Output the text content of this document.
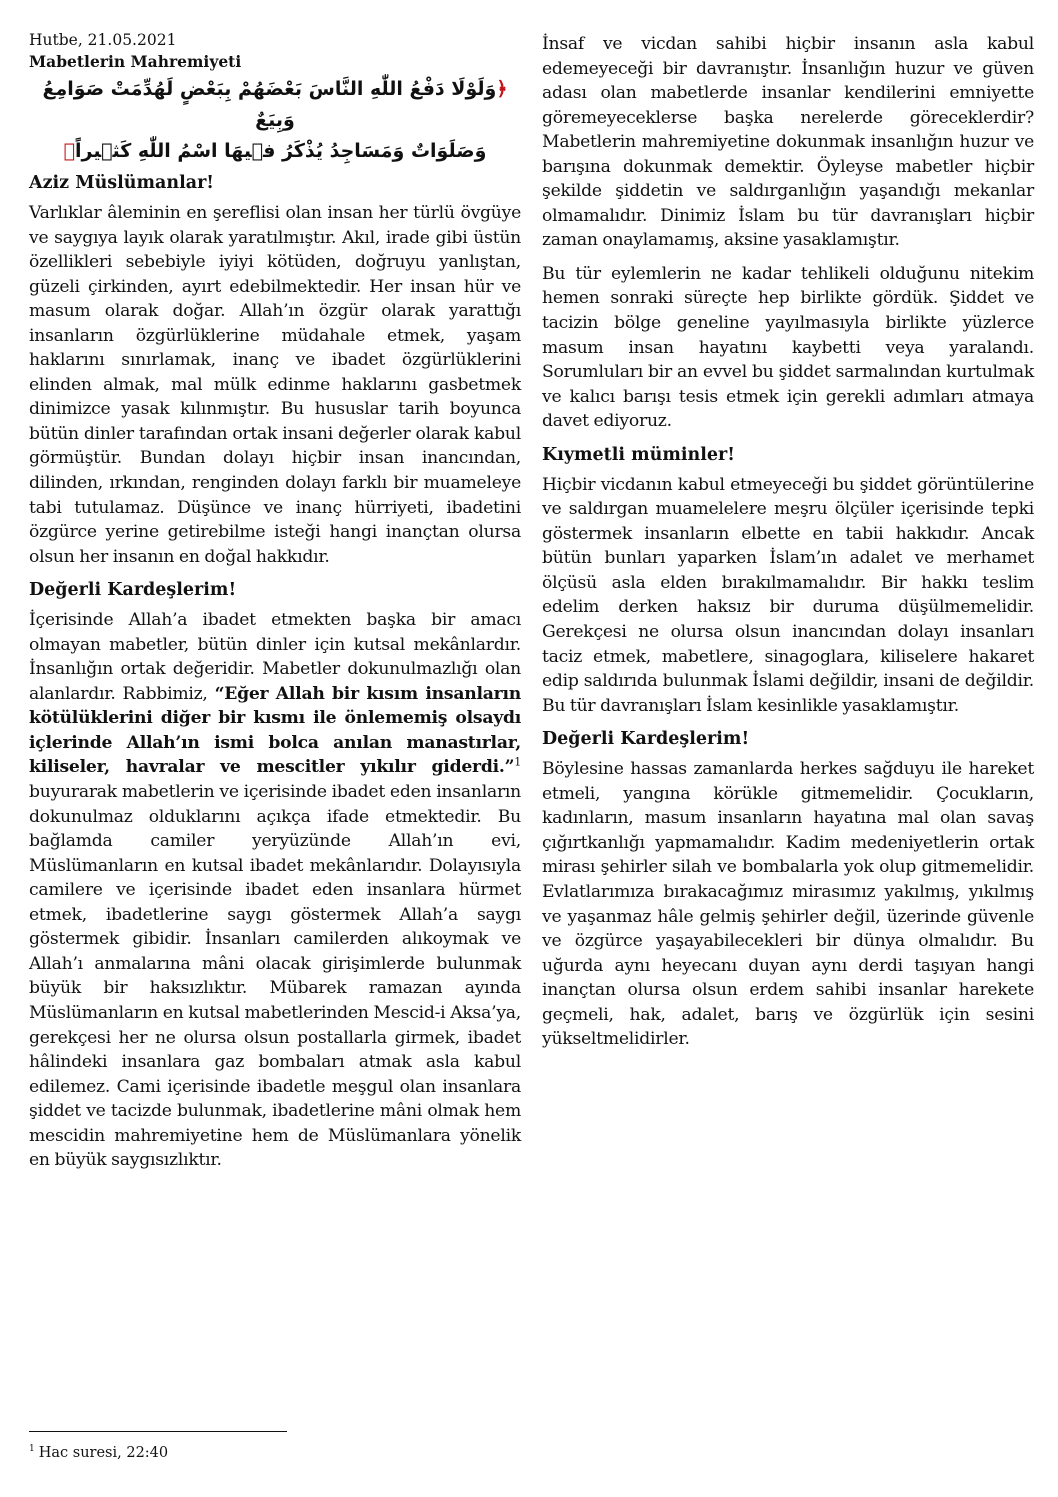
Hutbe, 21.05.2021

Mabetlerin Mahremiyeti

﴿وَلَوْلَا دَفْعُ اللّٰهِ النَّاسَ بَعْضَهُمْ بِبَعْضٍ لَهُدِّمَتْ صَوَامِعُ وَبِيَعٌ
وَصَلَوَاتٌ وَمَسَاجِدُ يُذْكَرُ ف۪يهَا اسْمُ اللّٰهِ كَث۪يراً﴾
Aziz Müslümanlar!

Varlıklar âleminin en şereflisi olan insan her türlü övgüye ve saygıya layık olarak yaratılmıştır. Akıl, irade gibi üstün özellikleri sebebiyle iyiyi kötüden, doğruyu yanlıştan, güzeli çirkinden, ayırt edebilmektedir. Her insan hür ve masum olarak doğar. Allah’ın özgür olarak yarattığı insanların özgürlüklerine müdahale etmek, yaşam haklarını sınırlamak, inanç ve ibadet özgürlüklerini elinden almak, mal mülk edinme haklarını gasbetmek dinimizce yasak kılınmıştır. Bu hususlar tarih boyunca bütün dinler tarafından ortak insani değerler olarak kabul görmüştür. Bundan dolayı hiçbir insan inancından, dilinden, ırkından, renginden dolayı farklı bir muameleye tabi tutulamaz. Düşünce ve inanç hürriyeti, ibadetini özgürce yerine getirebilme isteği hangi inançtan olursa olsun her insanın en doğal hakkıdır.

Değerli Kardeşlerim!

İçerisinde Allah’a ibadet etmekten başka bir amacı olmayan mabetler, bütün dinler için kutsal mekânlardır. İnsanlığın ortak değeridir. Mabetler dokunulmazlığı olan alanlardır. Rabbimiz, “Eğer Allah bir kısım insanların kötülüklerini diğer bir kısmı ile önlememiş olsaydı içlerinde Allah’ın ismi bolca anılan manastırlar, kiliseler, havralar ve mescitler yıkılır giderdi.”$^1$ buyurarak mabetlerin ve içerisinde ibadet eden insanların dokunulmaz olduklarını açıkça ifade etmektedir. Bu bağlamda camiler yeryüzünde Allah’ın evi, Müslümanların en kutsal ibadet mekânlarıdır. Dolayısıyla camilere ve içerisinde ibadet eden insanlara hürmet etmek, ibadetlerine saygı göstermek Allah’a saygı göstermek gibidir. İnsanları camilerden alıkoymak ve Allah’ı anmalarına mâni olacak girişimlerde bulunmak büyük bir haksızlıktır. Mübarek ramazan ayında Müslümanların en kutsal mabetlerinden Mescid-i Aksa’ya, gerekçesi her ne olursa olsun postallarla girmek, ibadet hâlindeki insanlara gaz bombaları atmak asla kabul edilemez. Cami içerisinde ibadetle meşgul olan insanlara şiddet ve tacizde bulunmak, ibadetlerine mâni olmak hem mescidin mahremiyetine hem de Müslümanlara yönelik en büyük saygısızlıktır.

İnsaf ve vicdan sahibi hiçbir insanın asla kabul edemeyeceği bir davranıştır. İnsanlığın huzur ve güven adası olan mabetlerde insanlar kendilerini emniyette göremeyeceklerse başka nerelerde göreceklerdir? Mabetlerin mahremiyetine dokunmak insanlığın huzur ve barışına dokunmak demektir. Öyleyse mabetler hiçbir şekilde şiddetin ve saldırganlığın yaşandığı mekanlar olmamalıdır. Dinimiz İslam bu tür davranışları hiçbir zaman onaylamamış, aksine yasaklamıştır.

Bu tür eylemlerin ne kadar tehlikeli olduğunu nitekim hemen sonraki süreçte hep birlikte gördük. Şiddet ve tacizin bölge geneline yayılmasıyla birlikte yüzlerce masum insan hayatını kaybetti veya yaralandı. Sorumluları bir an evvel bu şiddet sarmalından kurtulmak ve kalıcı barışı tesis etmek için gerekli adımları atmaya davet ediyoruz.

Kıymetli müminler!

Hiçbir vicdanın kabul etmeyeceği bu şiddet görüntülerine ve saldırgan muamelelere meşru ölçüler içerisinde tepki göstermek insanların elbette en tabii hakkıdır. Ancak bütün bunları yaparken İslam’ın adalet ve merhamet ölçüsü asla elden bırakılmamalıdır. Bir hakkı teslim edelim derken haksız bir duruma düşülmemelidir. Gerekçesi ne olursa olsun inancından dolayı insanları taciz etmek, mabetlere, sinagoglara, kiliselere hakaret edip saldırıda bulunmak İslami değildir, insani de değildir. Bu tür davranışları İslam kesinlikle yasaklamıştır.

Değerli Kardeşlerim!

Böylesine hassas zamanlarda herkes sağduyu ile hareket etmeli, yangına körükle gitmemelidir. Çocukların, kadınların, masum insanların hayatına mal olan savaş çığırtkanlığı yapmamalıdır. Kadim medeniyetlerin ortak mirası şehirler silah ve bombalarla yok olup gitmemelidir. Evlatlarımıza bırakacağımız mirasımız yakılmış, yıkılmış ve yaşanmaz hâle gelmiş şehirler değil, üzerinde güvenle ve özgürce yaşayabilecekleri bir dünya olmalıdır. Bu uğurda aynı heyecanı duyan aynı derdi taşıyan hangi inançtan olursa olsun erdem sahibi insanlar harekete geçmeli, hak, adalet, barış ve özgürlük için sesini yükseltmelidirler.

$^1$ Hac suresi, 22:40
